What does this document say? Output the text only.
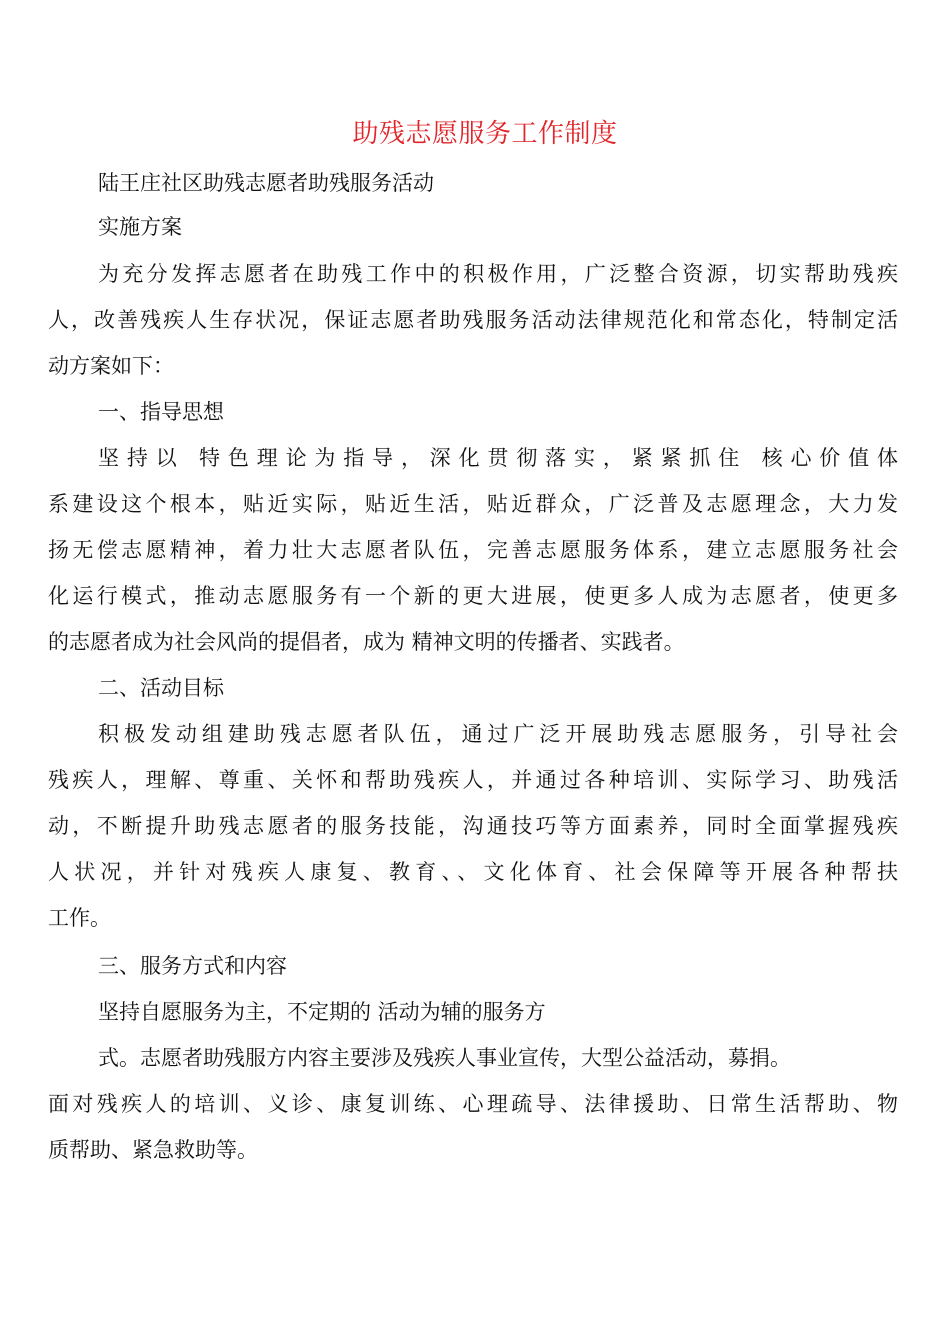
助残志愿服务工作制度
陆王庄社区助残志愿者助残服务活动
实施方案
为充分发挥志愿者在助残工作中的积极作用，广泛整合资源，切实帮助残疾
人，改善残疾人生存状况，保证志愿者助残服务活动法律规范化和常态化，特制定活
动方案如下：
一、指导思想
坚持以 特色理论为指导，深化贯彻落实，紧紧抓住 核心价值体
系建设这个根本，贴近实际，贴近生活，贴近群众，广泛普及志愿理念，大力发
扬无偿志愿精神，着力壮大志愿者队伍，完善志愿服务体系，建立志愿服务社会
化运行模式，推动志愿服务有一个新的更大进展，使更多人成为志愿者，使更多
的志愿者成为社会风尚的提倡者，成为 精神文明的传播者、实践者。
二、活动目标
积极发动组建助残志愿者队伍，通过广泛开展助残志愿服务，引导社会
残疾人，理解、尊重、关怀和帮助残疾人，并通过各种培训、实际学习、助残活
动，不断提升助残志愿者的服务技能，沟通技巧等方面素养，同时全面掌握残疾
人状况，并针对残疾人康复、教育、、文化体育、社会保障等开展各种帮扶
工作。
三、服务方式和内容
坚持自愿服务为主，不定期的 活动为辅的服务方
式。志愿者助残服方内容主要涉及残疾人事业宣传，大型公益活动，募捐。
面对残疾人的培训、义诊、康复训练、心理疏导、法律援助、日常生活帮助、物
质帮助、紧急救助等。
